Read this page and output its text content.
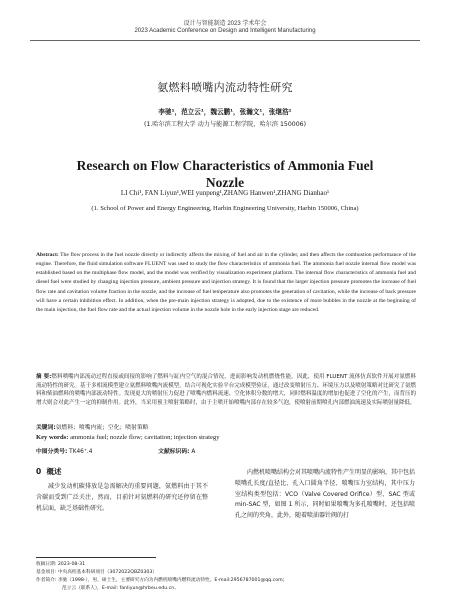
设计与智能制造 2023 学术年会
2023 Academic Conference on Design and Intelligent Manufacturing
氨燃料喷嘴内流动特性研究
李驰¹，范立云¹，魏云鹏¹，张瀚文¹，张继浩¹
(1.哈尔滨工程大学 动力与能源工程学院，哈尔滨 150006)
Research on Flow Characteristics of Ammonia Fuel Nozzle
LI Chi¹, FAN Liyun¹,WEI yunpeng¹,ZHANG Hanwen¹,ZHANG Dianhao¹
(1. School of Power and Energy Engineering, Harbin Engineering University, Harbin 150006, China)

Abstract: The flow process in the fuel nozzle directly or indirectly affects the mixing of fuel and air in the cylinder, and then affects the combustion performance of the engine. Therefore, the fluid simulation software FLUENT was used to study the flow characteristics of ammonia fuel. The ammonia fuel nozzle internal flow model was established based on the multiphase flow model, and the model was verified by visualization experiment platform. The internal flow characteristics of ammonia fuel and diesel fuel were studied by changing injection pressure, ambient pressure and injection strategy. It is found that the larger injection pressure promotes the increase of fuel flow rate and cavitation volume fraction in the nozzle, and the increase of fuel temperature also promotes the generation of cavitation, while the increase of back pressure will have a certain inhibition effect. In addition, when the pre-main injection strategy is adopted, due to the existence of more bubbles in the nozzle at the beginning of the main injection, the fuel flow rate and the actual injection volume in the nozzle hole in the early injection stage are reduced.

摘 要:燃料喷嘴内部流动过程直接或间接的影响了燃料与缸内空气的混合情况，进而影响发动机燃烧性能。因此，使用 FLUENT 流体仿真软件开展对氨燃料流动特性的研究。基于多相流模型建立氨燃料喷嘴内流模型，结合可视化实验平台完成模型验证，通过改变喷射压力、环境压力以及喷射策略对比研究了氨燃料和柴油燃料的喷嘴内部流动特性。发现更大的喷射压力促进了喷嘴内燃料流速、空化体积分数的增大，同时燃料温度的增加也促进了空化的产生，而背压的增大则会对此产生一定的抑制作用。此外，当采用预主喷射策略时，由于主喷开始喷嘴内部存在较多气泡，使喷射前期喷孔内部燃油流速及实际喷射量降低。

关键词:氨燃料；喷嘴内流；空化；喷射策略
Key words: ammonia fuel; nozzle flow; cavitation; injection strategy
中图分类号: TK46⁺.4	文献标识码: A
0 概述

减少发动机碳排放是急需解决的重要问题，氨燃料由于其不含碳而受到广泛关注，然而，目前针对氨燃料的研究还停留在整机层面，缺乏基础性研究。

内燃机喷嘴结构会对其喷嘴内流特性产生明显的影响，其中包括喷嘴孔长度/直径比、孔入口圆角半径、喷嘴压力室结构，其中压力室结构类型包括：VCO（Valve Covered Orifice）型、SAC 型或 min-SAC 型，如图 1 所示，同时如果喷嘴为多孔喷嘴时，还包括喷孔之间的夹角，此外，随着喷油器针阀的打

收稿日期: 2023-08-31
基金项目: 中央高校基本科研项目（3072022QBZ0303）
作者简介: 李驰（1998-），男，硕士生，主要研究方向为内燃机喷嘴内燃料流动特性。E-mail:2956787001@qq.com;
范立云（联系人），E-mail: fanliyun@hrbeu.edu.cn。
